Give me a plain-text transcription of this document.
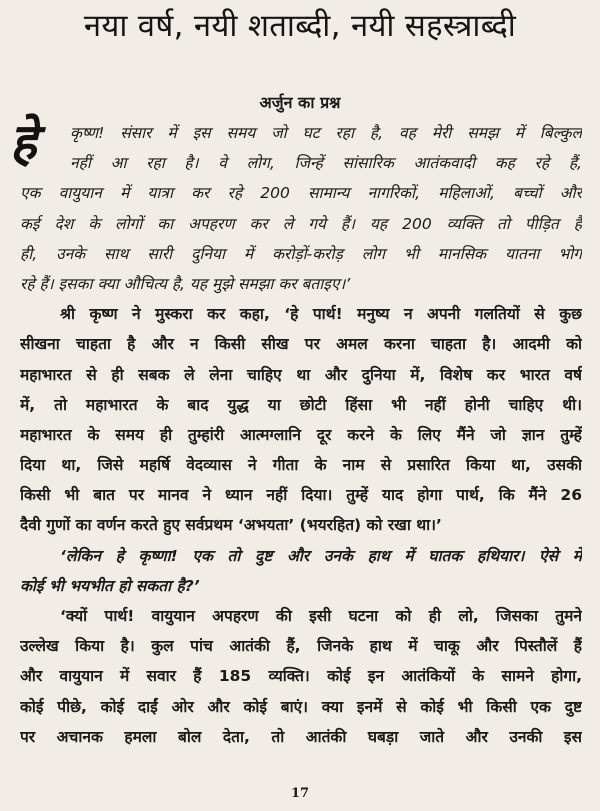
नया वर्ष, नयी शताब्दी, नयी सहस्त्राब्दी
अर्जुन का प्रश्न
हे	कृष्ण! संसार में इस समय जो घट रहा है, वह मेरी समझ में बिल्कुल
नहीं आ रहा है। वे लोग, जिन्हें सांसारिक आतंकवादी कह रहे हैं,
एक वायुयान में यात्रा कर रहे 200 सामान्य नागरिकों, महिलाओं, बच्चों और
कई देश के लोगों का अपहरण कर ले गये हैं। यह 200 व्यक्ति तो पीड़ित हैं
ही, उनके साथ सारी दुनिया में करोड़ों-करोड़ लोग भी मानसिक यातना भोग
रहे हैं। इसका क्या औचित्य है, यह मुझे समझा कर बताइए।’
श्री कृष्ण ने मुस्करा कर कहा, ‘हे पार्थ! मनुष्य न अपनी गलतियों से कुछ
सीखना चाहता है और न किसी सीख पर अमल करना चाहता है। आदमी को
महाभारत से ही सबक ले लेना चाहिए था और दुनिया में, विशेष कर भारत वर्ष
में, तो महाभारत के बाद युद्ध या छोटी हिंसा भी नहीं होनी चाहिए थी।
महाभारत के समय ही तुम्हांरी आत्मग्लानि दूर करने के लिए मैंने जो ज्ञान तुम्हें
दिया था, जिसे महर्षि वेदव्यास ने गीता के नाम से प्रसारित किया था, उसकी
किसी भी बात पर मानव ने ध्यान नहीं दिया। तुम्हें याद होगा पार्थ, कि मैंने 26
दैवी गुणों का वर्णन करते हुए सर्वप्रथम ‘अभयता’ (भयरहित) को रखा था।’
‘लेकिन हे कृष्णा! एक तो दुष्ट और उनके हाथ में घातक हथियार। ऐसे में
कोई भी भयभीत हो सकता है?’
‘क्यों पार्थ! वायुयान अपहरण की इसी घटना को ही लो, जिसका तुमने
उल्लेख किया है। कुल पांच आतंकी हैं, जिनके हाथ में चाकू और पिस्तौलें हैं
और वायुयान में सवार हैं 185 व्यक्ति। कोई इन आतंकियों के सामने होगा,
कोई पीछे, कोई दाईं ओर और कोई बाएं। क्या इनमें से कोई भी किसी एक दुष्ट
पर अचानक हमला बोल देता, तो आतंकी घबड़ा जाते और उनकी इस
17
